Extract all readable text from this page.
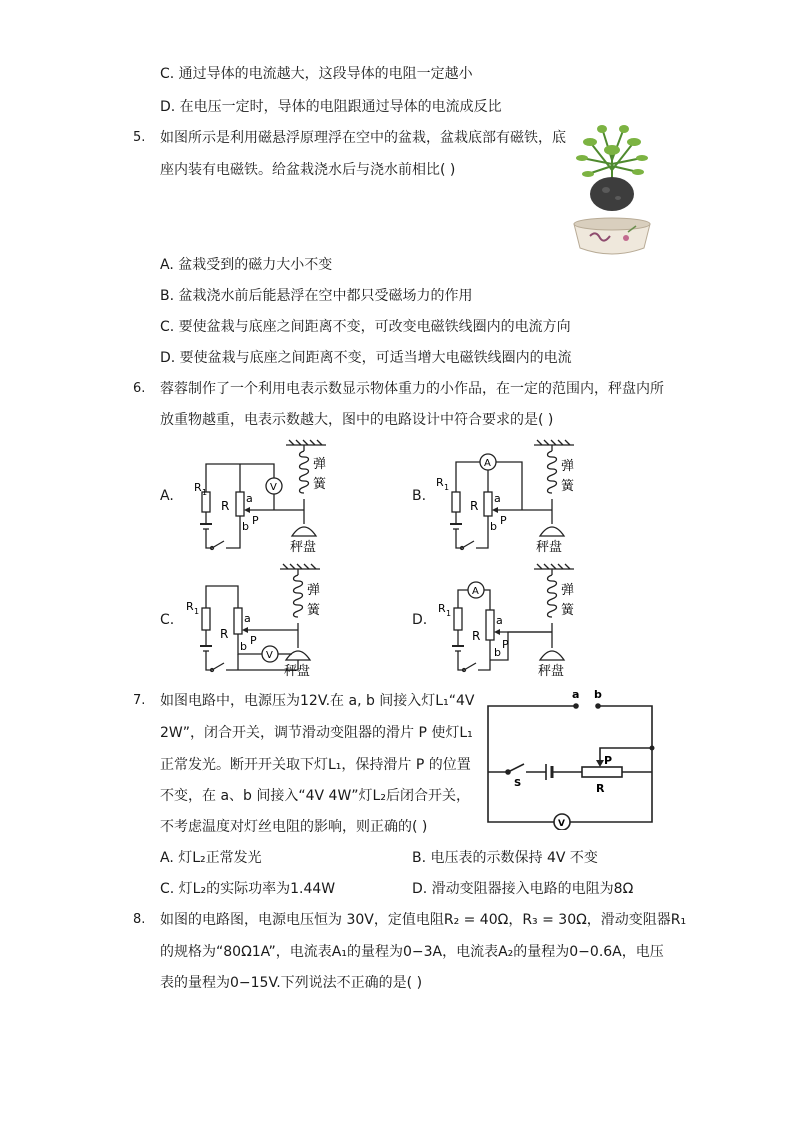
C. 通过导体的电流越大，这段导体的电阻一定越小
D. 在电压一定时，导体的电阻跟通过导体的电流成反比
5. 如图所示是利用磁悬浮原理浮在空中的盆栽，盆栽底部有磁铁，底
座内装有电磁铁。给盆栽浇水后与浇水前相比( )
A. 盆栽受到的磁力大小不变
B. 盆栽浇水前后能悬浮在空中都只受磁场力的作用
C. 要使盆栽与底座之间距离不变，可改变电磁铁线圈内的电流方向
D. 要使盆栽与底座之间距离不变，可适当增大电磁铁线圈内的电流
6. 蓉蓉制作了一个利用电表示数显示物体重力的小作品，在一定的范围内，秤盘内所
放重物越重，电表示数越大，图中的电路设计中符合要求的是( )
A.
R 1
R
a
b P
V
弹
簧
秤盘
B.
R 1
R
a
b P
A	弹
簧
秤盘
C.
R 1
R
a
b P
V
弹
簧
秤盘
D.
R 1
R
a
b
P
A	弹
簧
秤盘
7. 如图电路中，电源压为12V.在 a, b 间接入灯L₁“4V
2W”，闭合开关，调节滑动变阻器的滑片 P 使灯L₁
正常发光。断开开关取下灯L₁，保持滑片 P 的位置
不变，在 a、b 间接入“4V 4W”灯L₂后闭合开关，
不考虑温度对灯丝电阻的影响，则正确的( )
a b
P
R
S
V
A. 灯L₂正常发光	B. 电压表的示数保持 4V 不变
C. 灯L₂的实际功率为1.44W	D. 滑动变阻器接入电路的电阻为8Ω
8. 如图的电路图，电源电压恒为 30V，定值电阻R₂ = 40Ω，R₃ = 30Ω，滑动变阻器R₁
的规格为“80Ω1A”，电流表A₁的量程为0−3A，电流表A₂的量程为0−0.6A，电压
表的量程为0−15V.下列说法不正确的是( )
